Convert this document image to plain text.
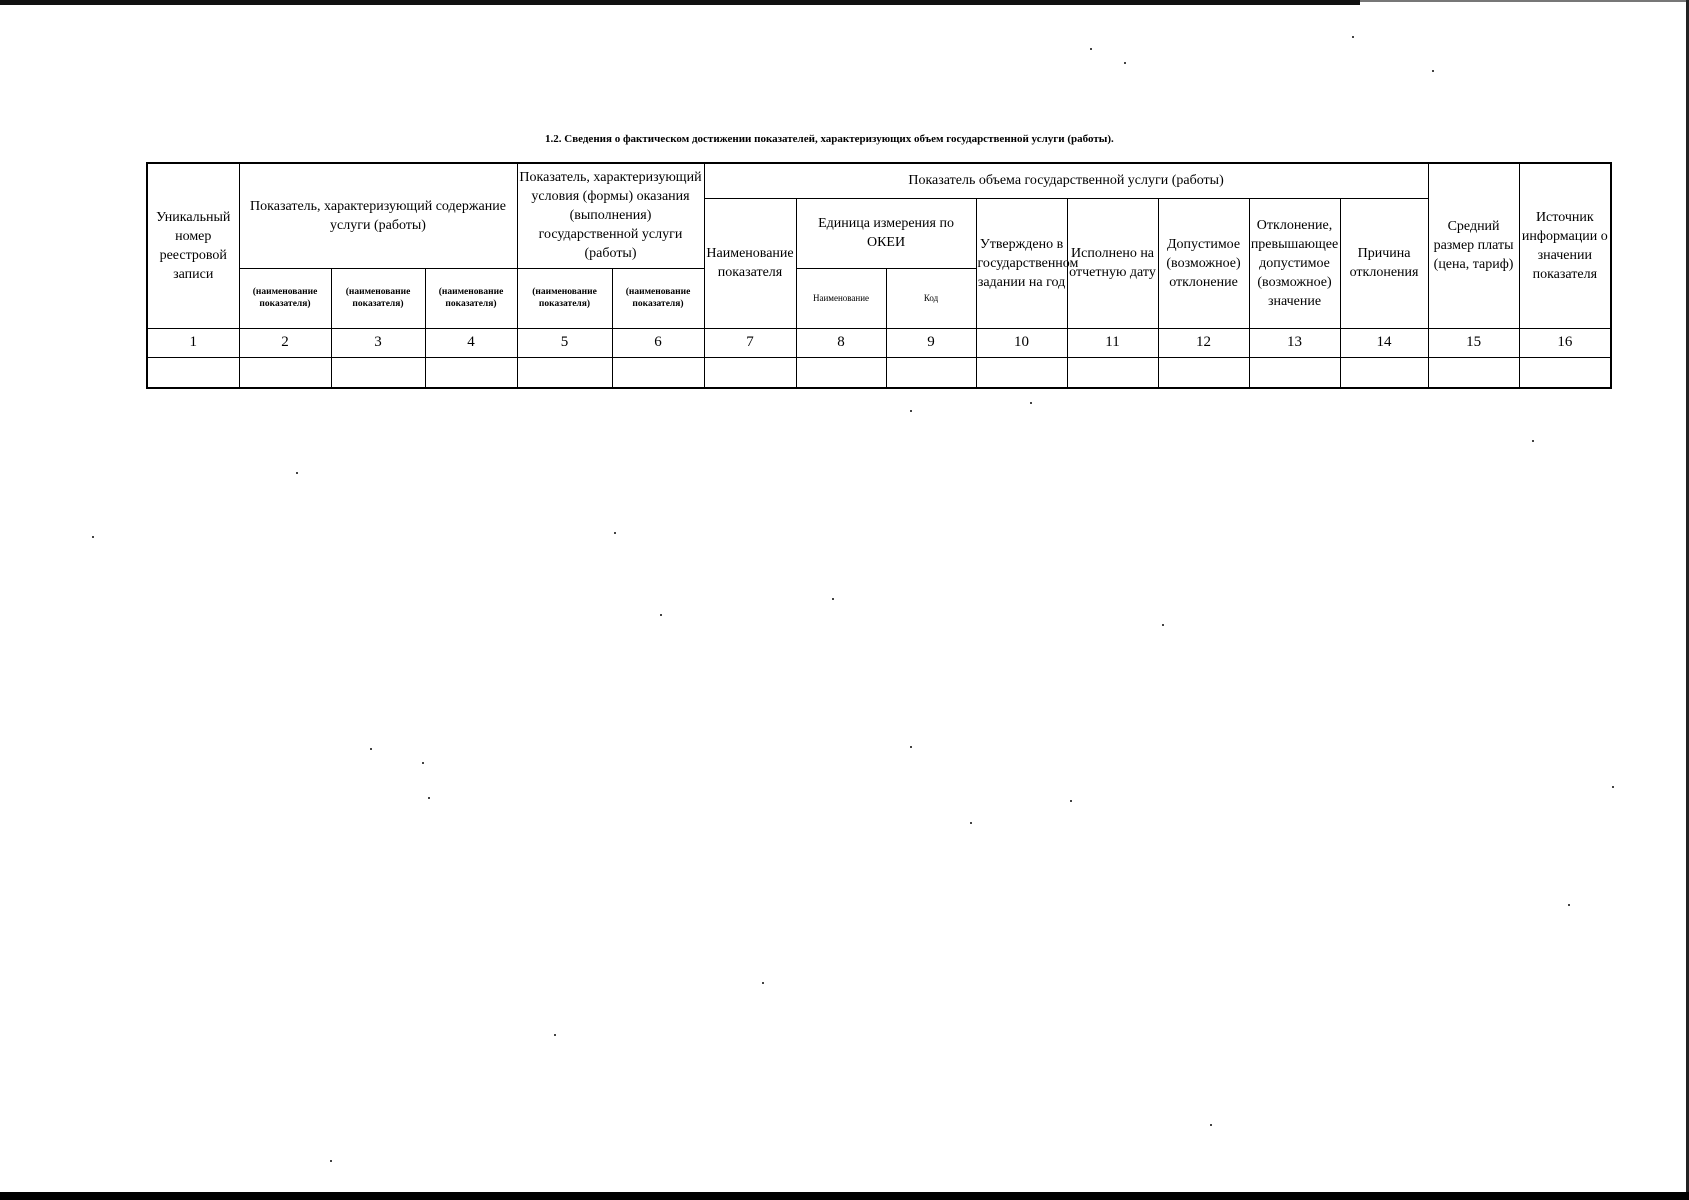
1.2. Сведения о фактическом достижении показателей, характеризующих объем государственной услуги (работы).
Уникальный номер реестровой записи	Показатель, характеризующий содержание услуги (работы)			Показатель, характеризующий условия (формы) оказания (выполнения) государственной услуги (работы)		Показатель объема государственной услуги (работы)								Средний размер платы (цена, тариф)	Источник информации о значении показателя
						Наименование показателя	Единица измерения по ОКЕИ		Утверждено в государственном задании на год	Исполнено на отчетную дату	Допустимое (возможное) отклонение	Отклонение, превышающее допустимое (возможное) значение	Причина отклонения		
	(наименование показателя)	(наименование показателя)	(наименование показателя)	(наименование показателя)	(наименование показателя)		Наименование	Код							
1	2	3	4	5	6	7	8	9	10	11	12	13	14	15	16
